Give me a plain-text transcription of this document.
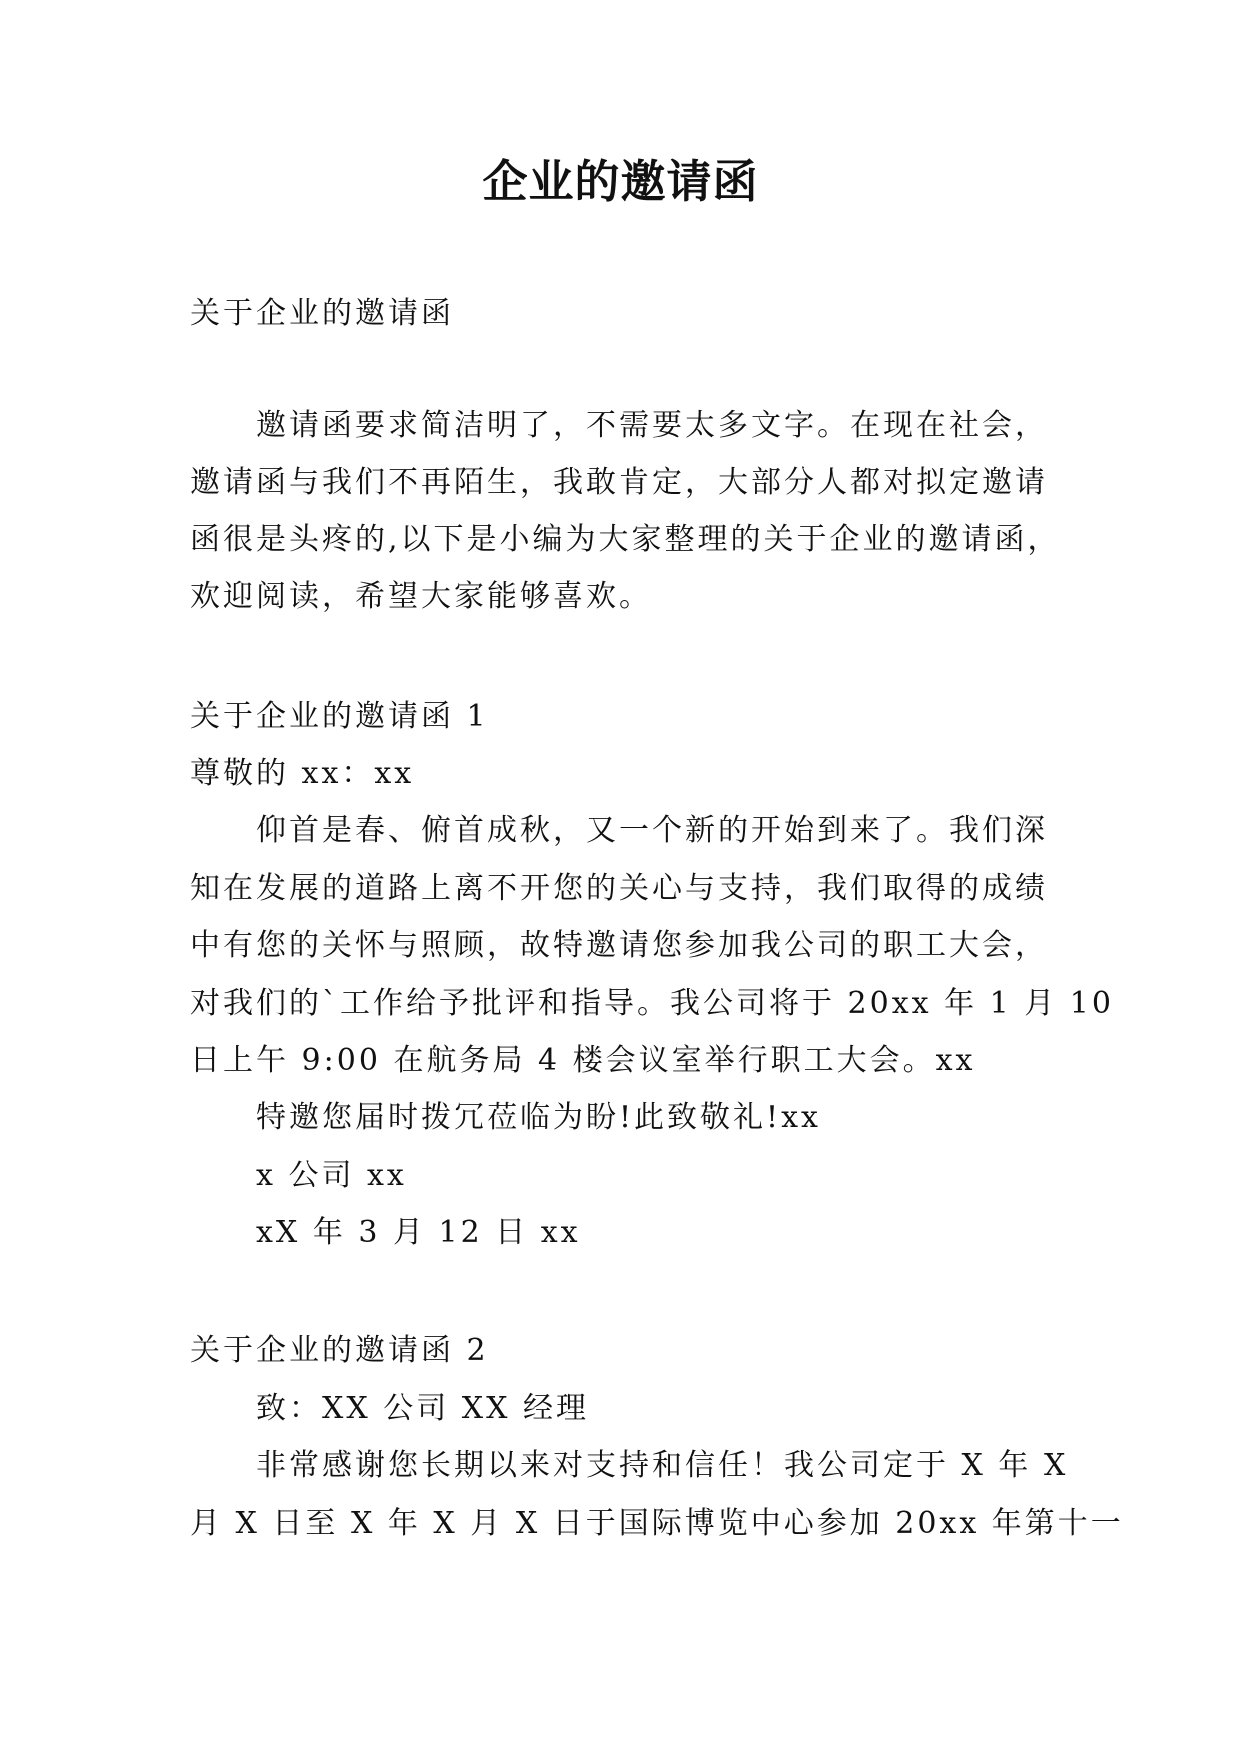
企业的邀请函
关于企业的邀请函
邀请函要求简洁明了，不需要太多文字。在现在社会，
邀请函与我们不再陌生，我敢肯定，大部分人都对拟定邀请
函很是头疼的,以下是小编为大家整理的关于企业的邀请函，
欢迎阅读，希望大家能够喜欢。
关于企业的邀请函 1
尊敬的 xx：xx
仰首是春、俯首成秋，又一个新的开始到来了。我们深
知在发展的道路上离不开您的关心与支持，我们取得的成绩
中有您的关怀与照顾，故特邀请您参加我公司的职工大会，
对我们的`工作给予批评和指导。我公司将于 20xx 年 1 月 10
日上午 9:00 在航务局 4 楼会议室举行职工大会。xx
特邀您届时拨冗莅临为盼!此致敬礼!xx
x 公司 xx
xX 年 3 月 12 日 xx
关于企业的邀请函 2
致：XX 公司 XX 经理
非常感谢您长期以来对支持和信任！我公司定于 X 年 X
月 X 日至 X 年 X 月 X 日于国际博览中心参加 20xx 年第十一
